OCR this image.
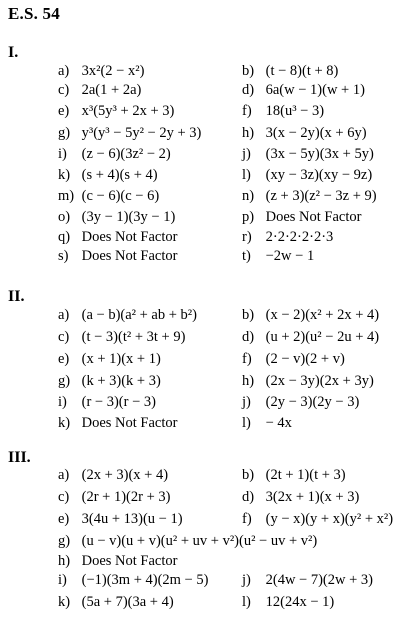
E.S. 54
I.
a) 3x²(2 − x²)	b) (t − 8)(t + 8)
c) 2a(1 + 2a)	d) 6a(w − 1)(w + 1)
e) x³(5y³ + 2x + 3)	f) 18(u³ − 3)
g) y³(y³ − 5y² − 2y + 3)	h) 3(x − 2y)(x + 6y)
i) (z − 6)(3z² − 2)	j) (3x − 5y)(3x + 5y)
k) (s + 4)(s + 4)	l) (xy − 3z)(xy − 9z)
m) (c − 6)(c − 6)	n) (z + 3)(z² − 3z + 9)
o) (3y − 1)(3y − 1)	p) Does Not Factor
q) Does Not Factor	r) 2·2·2·2·2·3
s) Does Not Factor	t) −2w − 1
II.
a) (a − b)(a² + ab + b²)	b) (x − 2)(x² + 2x + 4)
c) (t − 3)(t² + 3t + 9)	d) (u + 2)(u² − 2u + 4)
e) (x + 1)(x + 1)	f) (2 − v)(2 + v)
g) (k + 3)(k + 3)	h) (2x − 3y)(2x + 3y)
i) (r − 3)(r − 3)	j) (2y − 3)(2y − 3)
k) Does Not Factor	l) − 4x
III.
a) (2x + 3)(x + 4)	b) (2t + 1)(t + 3)
c) (2r + 1)(2r + 3)	d) 3(2x + 1)(x + 3)
e) 3(4u + 13)(u − 1)	f) (y − x)(y + x)(y² + x²)
g) (u − v)(u + v)(u² + uv + v²)(u² − uv + v²)
h) Does Not Factor
i) (−1)(3m + 4)(2m − 5) j) 2(4w − 7)(2w + 3)
k) (5a + 7)(3a + 4)	l) 12(24x − 1)
